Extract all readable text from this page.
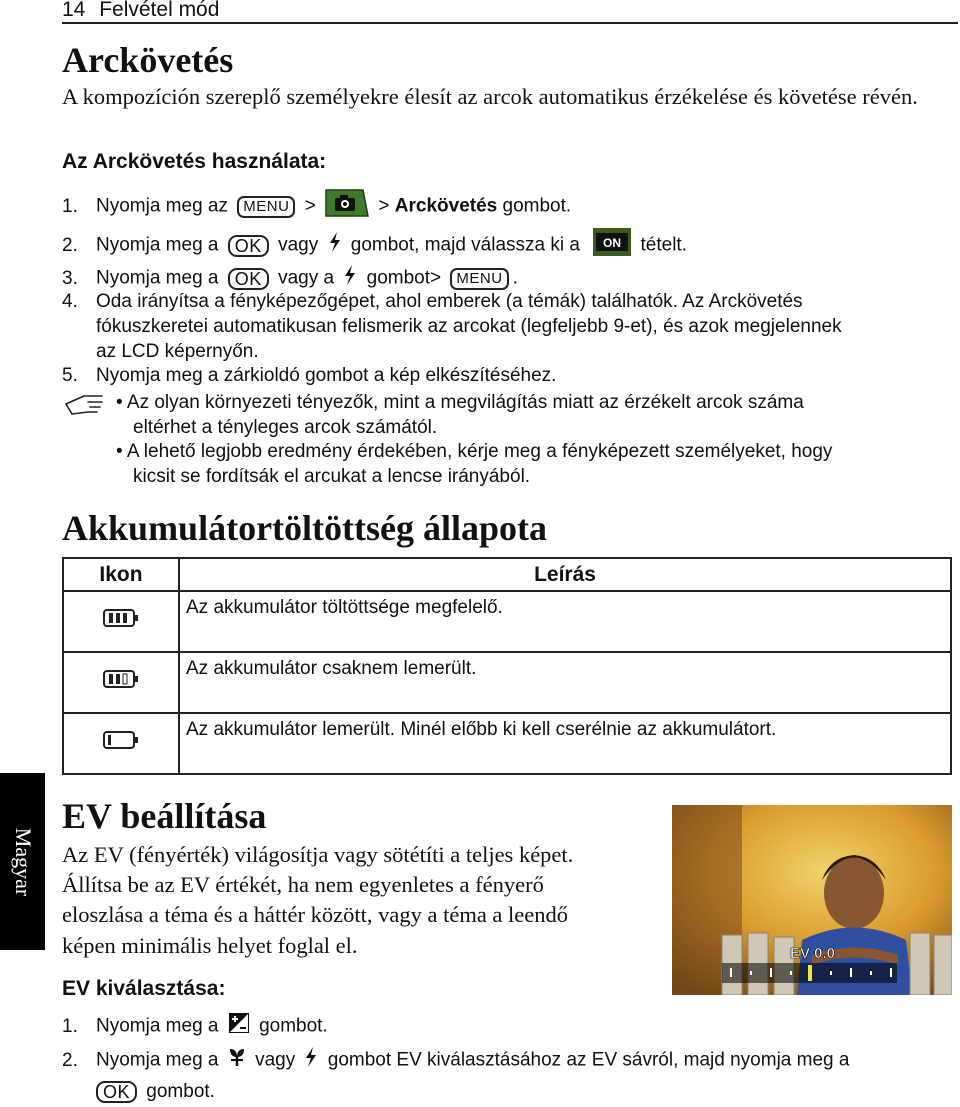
14 Felvétel mód
Arckövetés
A kompozíción szereplő személyekre élesít az arcok automatikus érzékelése és követése révén.
Az Arckövetés használata:
1. Nyomja meg az MENU >	> Arckövetés gombot.
2. Nyomja meg a OK vagy gombot, majd válassza ki a ON tételt.
3. Nyomja meg a OK vagy a gombot> MENU .
4. Oda irányítsa a fényképezőgépet, ahol emberek (a témák) találhatók. Az Arckövetés
fókuszkeretei automatikusan felismerik az arcokat (legfeljebb 9-et), és azok megjelennek
az LCD képernyőn.
5. Nyomja meg a zárkioldó gombot a kép elkészítéséhez.
• Az olyan környezeti tényezők, mint a megvilágítás miatt az érzékelt arcok száma
eltérhet a tényleges arcok számától.
• A lehető legjobb eredmény érdekében, kérje meg a fényképezett személyeket, hogy
kicsit se fordítsák el arcukat a lencse irányából.
Akkumulátortöltöttség állapota
Ikon	Leírás
	Az akkumulátor töltöttsége megfelelő.
	Az akkumulátor csaknem lemerült.
	Az akkumulátor lemerült. Minél előbb ki kell cserélnie az akkumulátort.
Magyar
EV beállítása
Az EV (fényérték) világosítja vagy sötétíti a teljes képet.
Állítsa be az EV értékét, ha nem egyenletes a fényerő
eloszlása a téma és a háttér között, vagy a téma a leendő
képen minimális helyet foglal el.	EV 0.0
EV kiválasztása:
1. Nyomja meg a gombot.
2. Nyomja meg a vagy gombot EV kiválasztásához az EV sávról, majd nyomja meg a
OK gombot.
